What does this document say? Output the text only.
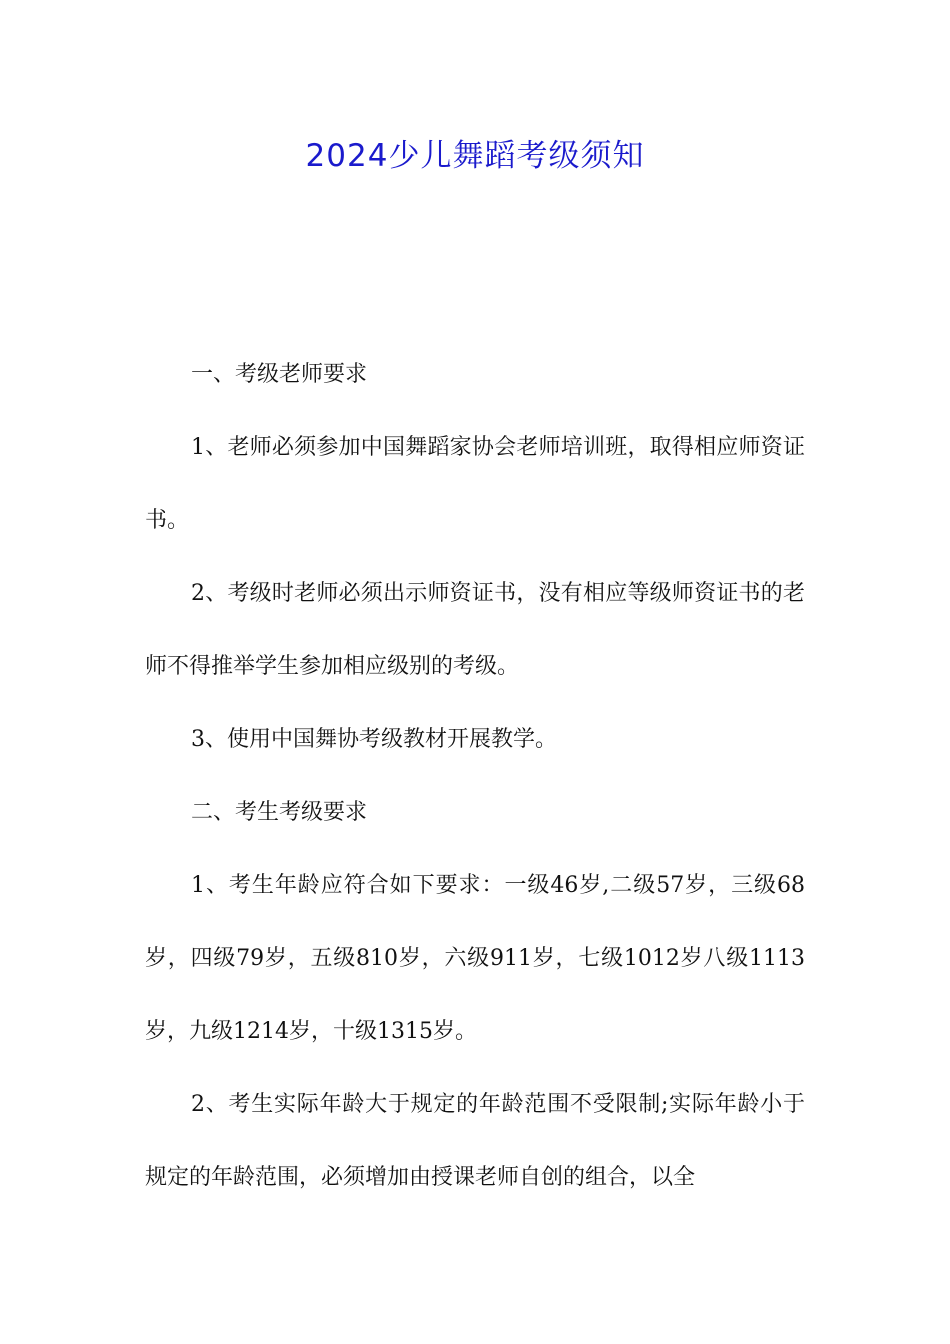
2024少儿舞蹈考级须知

一、考级老师要求

1、老师必须参加中国舞蹈家协会老师培训班，取得相应师资证书。

2、考级时老师必须出示师资证书，没有相应等级师资证书的老师不得推举学生参加相应级别的考级。

3、使用中国舞协考级教材开展教学。

二、考生考级要求

1、考生年龄应符合如下要求：一级46岁,二级57岁，三级68岁，四级79岁，五级810岁，六级911岁，七级1012岁八级1113岁，九级1214岁，十级1315岁。

2、考生实际年龄大于规定的年龄范围不受限制;实际年龄小于规定的年龄范围，必须增加由授课老师自创的组合，以全
